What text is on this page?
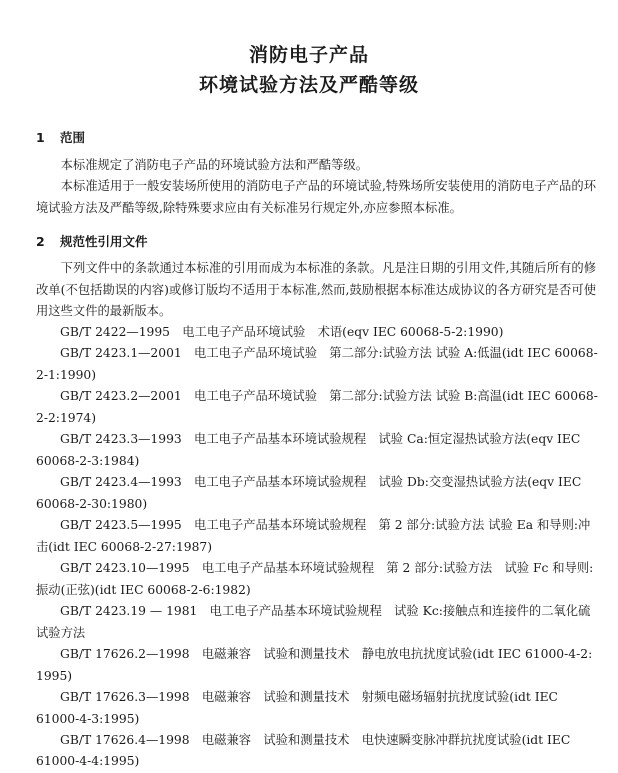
消防电子产品
环境试验方法及严酷等级
1 范围
本标准规定了消防电子产品的环境试验方法和严酷等级。
本标准适用于一般安装场所使用的消防电子产品的环境试验,特殊场所安装使用的消防电子产品的环境试验方法及严酷等级,除特殊要求应由有关标准另行规定外,亦应参照本标准。
2 规范性引用文件
下列文件中的条款通过本标准的引用而成为本标准的条款。凡是注日期的引用文件,其随后所有的修改单(不包括勘误的内容)或修订版均不适用于本标准,然而,鼓励根据本标准达成协议的各方研究是否可使用这些文件的最新版本。
GB/T 2422—1995　电工电子产品环境试验　术语(eqv IEC 60068-5-2:1990)
GB/T 2423.1—2001　电工电子产品环境试验　第二部分:试验方法 试验 A:低温(idt IEC 60068-
2-1:1990)
GB/T 2423.2—2001　电工电子产品环境试验　第二部分:试验方法 试验 B:高温(idt IEC 60068-
2-2:1974)
GB/T 2423.3—1993　电工电子产品基本环境试验规程　试验 Ca:恒定湿热试验方法(eqv IEC
60068-2-3:1984)
GB/T 2423.4—1993　电工电子产品基本环境试验规程　试验 Db:交变湿热试验方法(eqv IEC
60068-2-30:1980)
GB/T 2423.5—1995　电工电子产品基本环境试验规程　第 2 部分:试验方法 试验 Ea 和导则:冲
击(idt IEC 60068-2-27:1987)
GB/T 2423.10—1995　电工电子产品基本环境试验规程　第 2 部分:试验方法　试验 Fc 和导则:
振动(正弦)(idt IEC 60068-2-6:1982)
GB/T 2423.19 — 1981　电工电子产品基本环境试验规程　试验 Kc:接触点和连接件的二氧化硫
试验方法
GB/T 17626.2—1998　电磁兼容　试验和测量技术　静电放电抗扰度试验(idt IEC 61000-4-2:
1995)
GB/T 17626.3—1998　电磁兼容　试验和测量技术　射频电磁场辐射抗扰度试验(idt IEC
61000-4-3:1995)
GB/T 17626.4—1998　电磁兼容　试验和测量技术　电快速瞬变脉冲群抗扰度试验(idt IEC
61000-4-4:1995)
